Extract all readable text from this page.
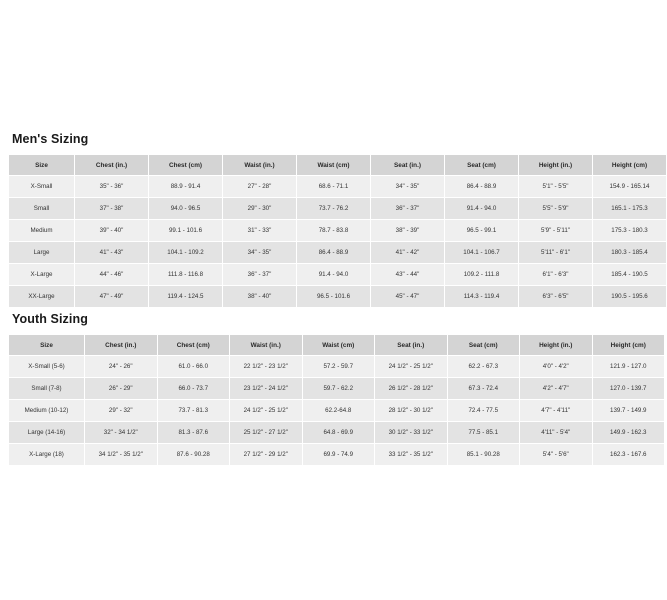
Men's Sizing
Size	Chest (in.)	Chest (cm)	Waist (in.)	Waist (cm)	Seat (in.)	Seat (cm)	Height (in.)	Height (cm)
X-Small	35" - 36"	88.9 - 91.4	27" - 28"	68.6 - 71.1	34" - 35"	86.4 - 88.9	5'1" - 5'5"	154.9 - 165.14
Small	37" - 38"	94.0 - 96.5	29" - 30"	73.7 - 76.2	36" - 37"	91.4 - 94.0	5'5" - 5'9"	165.1 - 175.3
Medium	39" - 40"	99.1 - 101.6	31" - 33"	78.7 - 83.8	38" - 39"	96.5 - 99.1	5'9" - 5'11"	175.3 - 180.3
Large	41" - 43"	104.1 - 109.2	34" - 35"	86.4 - 88.9	41" - 42"	104.1 - 106.7	5'11" - 6'1"	180.3 - 185.4
X-Large	44" - 46"	111.8 - 116.8	36" - 37"	91.4 - 94.0	43" - 44"	109.2 - 111.8	6'1" - 6'3"	185.4 - 190.5
XX-Large	47" - 49"	119.4 - 124.5	38" - 40"	96.5 - 101.6	45" - 47"	114.3 - 119.4	6'3" - 6'5"	190.5 - 195.6
Youth Sizing
Size	Chest (in.)	Chest (cm)	Waist (in.)	Waist (cm)	Seat (in.)	Seat (cm)	Height (in.)	Height (cm)
X-Small (5-6)	24" - 26"	61.0 - 66.0	22 1/2" - 23 1/2"	57.2 - 59.7	24 1/2" - 25 1/2"	62.2 - 67.3	4'0" - 4'2"	121.9 - 127.0
Small (7-8)	26" - 29"	66.0 - 73.7	23 1/2" - 24 1/2"	59.7 - 62.2	26 1/2" - 28 1/2"	67.3 - 72.4	4'2" - 4'7"	127.0 - 139.7
Medium (10-12)	29" - 32"	73.7 - 81.3	24 1/2" - 25 1/2"	62.2-64.8	28 1/2" - 30 1/2"	72.4 - 77.5	4'7" - 4'11"	139.7 - 149.9
Large (14-16)	32" - 34 1/2"	81.3 - 87.6	25 1/2" - 27 1/2"	64.8 - 69.9	30 1/2" - 33 1/2"	77.5 - 85.1	4'11" - 5'4"	149.9 - 162.3
X-Large (18)	34 1/2" - 35 1/2"	87.6 - 90.28	27 1/2" - 29 1/2"	69.9 - 74.9	33 1/2" - 35 1/2"	85.1 - 90.28	5'4" - 5'6"	162.3 - 167.6
